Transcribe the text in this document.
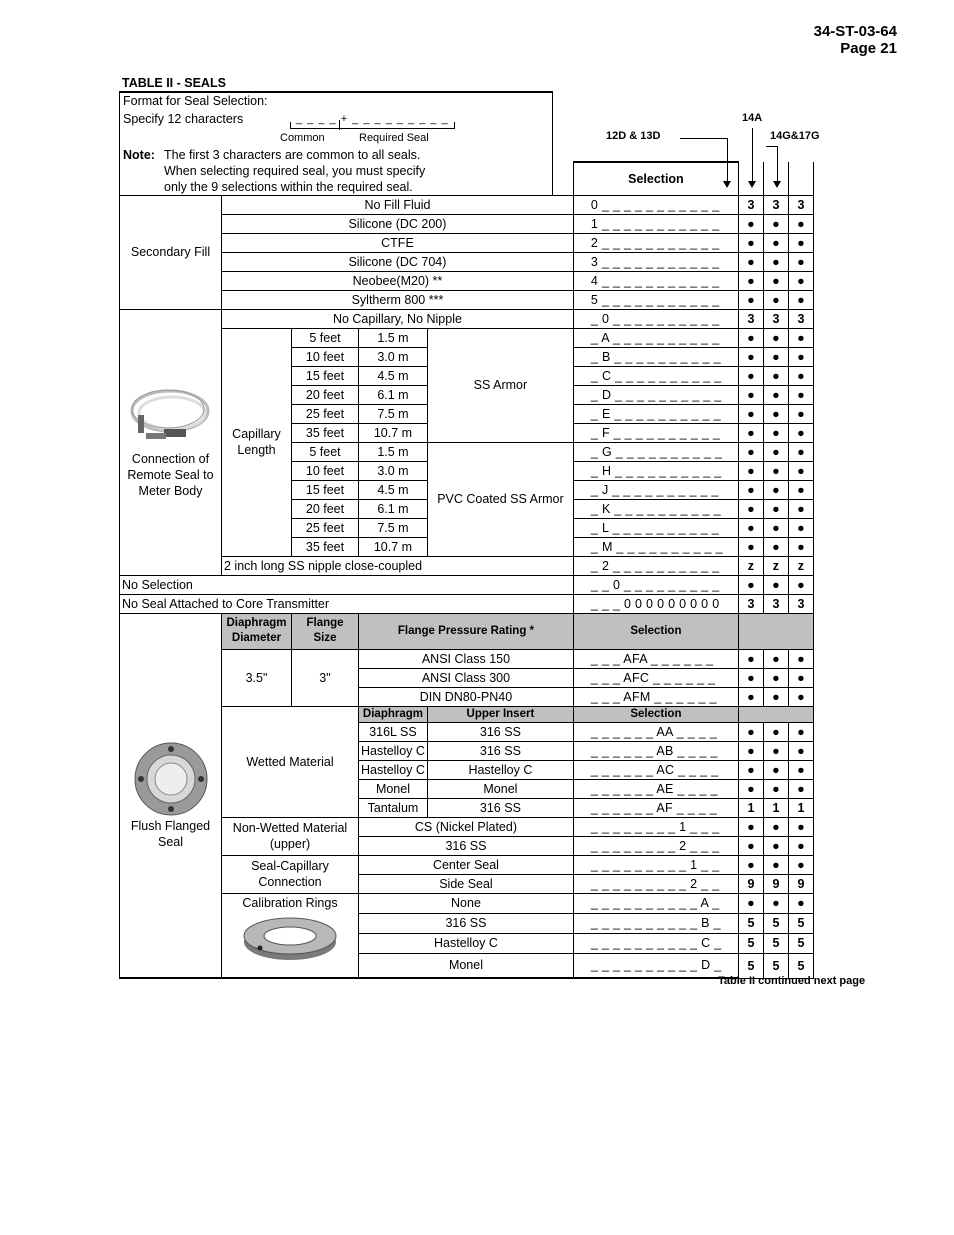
34-ST-03-64
Page 21
TABLE II - SEALS
Format for Seal Selection:
Specify 12 characters	_ _ _ _ + _ _ _ _ _ _ _ _ _
Common	Required Seal
Note: The first 3 characters are common to all seals.
When selecting required seal, you must specify
only the 9 selections within the required seal.
12D & 13D
14A
14G&17G
					Selection			
Secondary Fill	No Fill Fluid				0 _ _ _ _ _ _ _ _ _ _ _	3	3	3
	Silicone (DC 200)				1 _ _ _ _ _ _ _ _ _ _ _	●	●	●
	CTFE				2 _ _ _ _ _ _ _ _ _ _ _	●	●	●
	Silicone (DC 704)				3 _ _ _ _ _ _ _ _ _ _ _	●	●	●
	Neobee(M20) **				4 _ _ _ _ _ _ _ _ _ _ _	●	●	●
	Syltherm 800 ***				5 _ _ _ _ _ _ _ _ _ _ _	●	●	●

Connection of Remote Seal to Meter Body	No Capillary, No Nipple				_ 0 _ _ _ _ _ _ _ _ _ _	3	3	3
	Capillary Length	5 feet	1.5 m	SS Armor	_ A _ _ _ _ _ _ _ _ _ _	●	●	●
		10 feet	3.0 m		_ B _ _ _ _ _ _ _ _ _ _	●	●	●
		15 feet	4.5 m		_ C _ _ _ _ _ _ _ _ _ _	●	●	●
		20 feet	6.1 m		_ D _ _ _ _ _ _ _ _ _ _	●	●	●
		25 feet	7.5 m		_ E _ _ _ _ _ _ _ _ _ _	●	●	●
		35 feet	10.7 m		_ F _ _ _ _ _ _ _ _ _ _	●	●	●
		5 feet	1.5 m	PVC Coated SS Armor	_ G _ _ _ _ _ _ _ _ _ _	●	●	●
		10 feet	3.0 m		_ H _ _ _ _ _ _ _ _ _ _	●	●	●
		15 feet	4.5 m		_ J _ _ _ _ _ _ _ _ _ _	●	●	●
		20 feet	6.1 m		_ K _ _ _ _ _ _ _ _ _ _	●	●	●
		25 feet	7.5 m		_ L _ _ _ _ _ _ _ _ _ _	●	●	●
		35 feet	10.7 m		_ M _ _ _ _ _ _ _ _ _ _	●	●	●
	2 inch long SS nipple close-coupled				_ 2 _ _ _ _ _ _ _ _ _ _	z	z	z
No Selection					_ _ 0 _ _ _ _ _ _ _ _ _	●	●	●
No Seal Attached to Core Transmitter					_ _ _ 0 0 0 0 0 0 0 0 0	3	3	3

Flush Flanged Seal	Diaphragm Diameter	Flange Size	Flange Pressure Rating *		Selection			
	3.5"	3"	ANSI Class 150		_ _ _ AFA _ _ _ _ _ _	●	●	●
			ANSI Class 300		_ _ _ AFC _ _ _ _ _ _	●	●	●
			DIN DN80-PN40		_ _ _ AFM _ _ _ _ _ _	●	●	●
	Wetted Material		Diaphragm	Upper Insert	Selection			
			316L SS	316 SS	_ _ _ _ _ _ AA _ _ _ _	●	●	●
			Hastelloy C	316 SS	_ _ _ _ _ _ AB _ _ _ _	●	●	●
			Hastelloy C	Hastelloy C	_ _ _ _ _ _ AC _ _ _ _	●	●	●
			Monel	Monel	_ _ _ _ _ _ AE _ _ _ _	●	●	●
			Tantalum	316 SS	_ _ _ _ _ _ AF _ _ _ _	1	1	1
	Non-Wetted Material (upper)		CS (Nickel Plated)		_ _ _ _ _ _ _ _ 1 _ _ _	●	●	●
			316 SS		_ _ _ _ _ _ _ _ 2 _ _ _	●	●	●
	Seal-Capillary Connection		Center Seal		_ _ _ _ _ _ _ _ _ 1 _ _	●	●	●
			Side Seal		_ _ _ _ _ _ _ _ _ 2 _ _	9	9	9

	Calibration Rings		None		_ _ _ _ _ _ _ _ _ _ A _	●	●	●
			316 SS		_ _ _ _ _ _ _ _ _ _ B _	5	5	5
			Hastelloy C		_ _ _ _ _ _ _ _ _ _ C _	5	5	5
			Monel		_ _ _ _ _ _ _ _ _ _ D _	5	5	5
Table II continued next page
